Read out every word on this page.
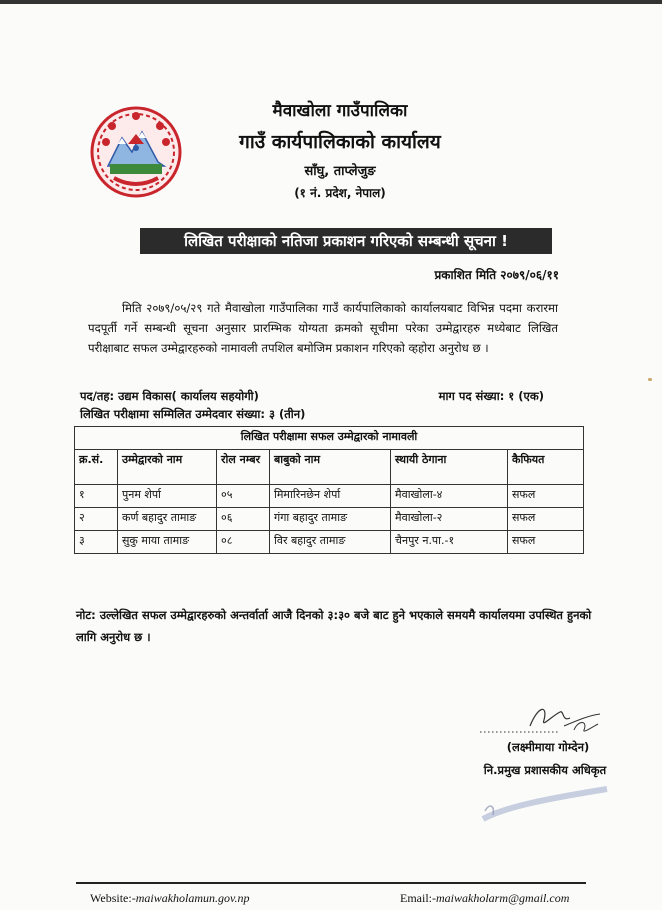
मैवाखोला गाउँपालिका
गाउँ कार्यपालिकाको कार्यालय
साँघु, ताप्लेजुङ
(१ नं. प्रदेश, नेपाल)
लिखित परीक्षाको नतिजा प्रकाशन गरिएको सम्बन्धी सूचना !
प्रकाशित मिति २०७९/०६/११
मिति २०७९/०५/२९ गते मैवाखोला गाउँपालिका गाउँ कार्यपालिकाको कार्यालयबाट विभिन्न पदमा करारमा पदपूर्ती गर्ने सम्बन्धी सूचना अनुसार प्रारम्भिक योग्यता क्रमको सूचीमा परेका उम्मेद्वारहरु मध्येबाट लिखित परीक्षाबाट सफल उम्मेद्वारहरुको नामावली तपशिल बमोजिम प्रकाशन गरिएको व्हहोरा अनुरोध छ ।
पद/तह: उद्यम विकास( कार्यालय सहयोगी)	माग पद संख्या: १ (एक)
लिखित परीक्षामा सम्मिलित उम्मेदवार संख्या: ३ (तीन)
लिखित परीक्षामा सफल उम्मेद्वारको नामावली					
क्र.सं.	उम्मेद्वारको नाम	रोल नम्बर	बाबुको नाम	स्थायी ठेगाना	कैफियत
१	पुनम शेर्पा	०५	मिमारिनछेन शेर्पा	मैवाखोला-४	सफल
२	कर्ण बहादुर तामाङ	०६	गंगा बहादुर तामाङ	मैवाखोला-२	सफल
३	सुकु माया तामाङ	०८	विर बहादुर तामाङ	चैनपुर न.पा.-१	सफल
नोट: उल्लेखित सफल उम्मेद्वारहरुको अन्तर्वार्ता आजै दिनको ३:३० बजे बाट हुने भएकाले समयमै कार्यालयमा उपस्थित हुनको लागि अनुरोध छ ।
(लक्ष्मीमाया गोम्देन)
नि.प्रमुख प्रशासकीय अधिकृत
Website:-maiwakholamun.gov.np	Email:-maiwakholarm@gmail.com
